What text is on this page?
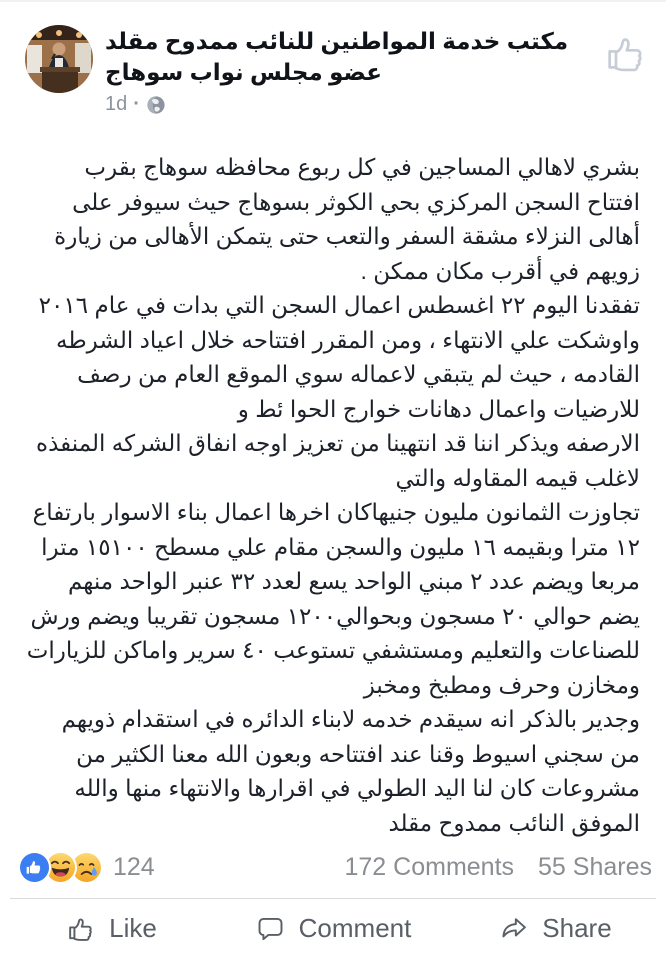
مكتب خدمة المواطنين للنائب ممدوح مقلد عضو مجلس نواب سوهاج
1d ·
بشري لاهالي المساجين في كل ربوع محافظه سوهاج بقرب
افتتاح السجن المركزي بحي الكوثر بسوهاج حيث سيوفر على
أهالى النزلاء مشقة السفر والتعب حتى يتمكن الأهالى من زيارة
زويهم في أقرب مكان ممكن .
تفقدنا اليوم ٢٢ اغسطس اعمال السجن التي بدات في عام ٢٠١٦
واوشكت علي الانتهاء ، ومن المقرر افتتاحه خلال اعياد الشرطه
القادمه ، حيث لم يتبقي لاعماله سوي الموقع العام من رصف
للارضيات واعمال دهانات خوارج الحوا ئط و
الارصفه ويذكر اننا قد انتهينا من تعزيز اوجه انفاق الشركه المنفذه
لاغلب قيمه المقاوله والتي
تجاوزت الثمانون مليون جنيهاكان اخرها اعمال بناء الاسوار بارتفاع
١٢ مترا وبقيمه ١٦ مليون والسجن مقام علي مسطح ١٥١٠٠ مترا
مربعا ويضم عدد ٢ مبني الواحد يسع لعدد ٣٢ عنبر الواحد منهم
يضم حوالي ٢٠ مسجون وبحوالي١٢٠٠ مسجون تقريبا ويضم ورش
للصناعات والتعليم ومستشفي تستوعب ٤٠ سرير واماكن للزيارات
ومخازن وحرف ومطبخ ومخبز
وجدير بالذكر انه سيقدم خدمه لابناء الدائره في استقدام ذويهم
من سجني اسيوط وقنا عند افتتاحه وبعون الله معنا الكثير من
مشروعات كان لنا اليد الطولي في اقرارها والانتهاء منها والله
الموفق النائب ممدوح مقلد
124	172 Comments 55 Shares
Like	Comment	Share
